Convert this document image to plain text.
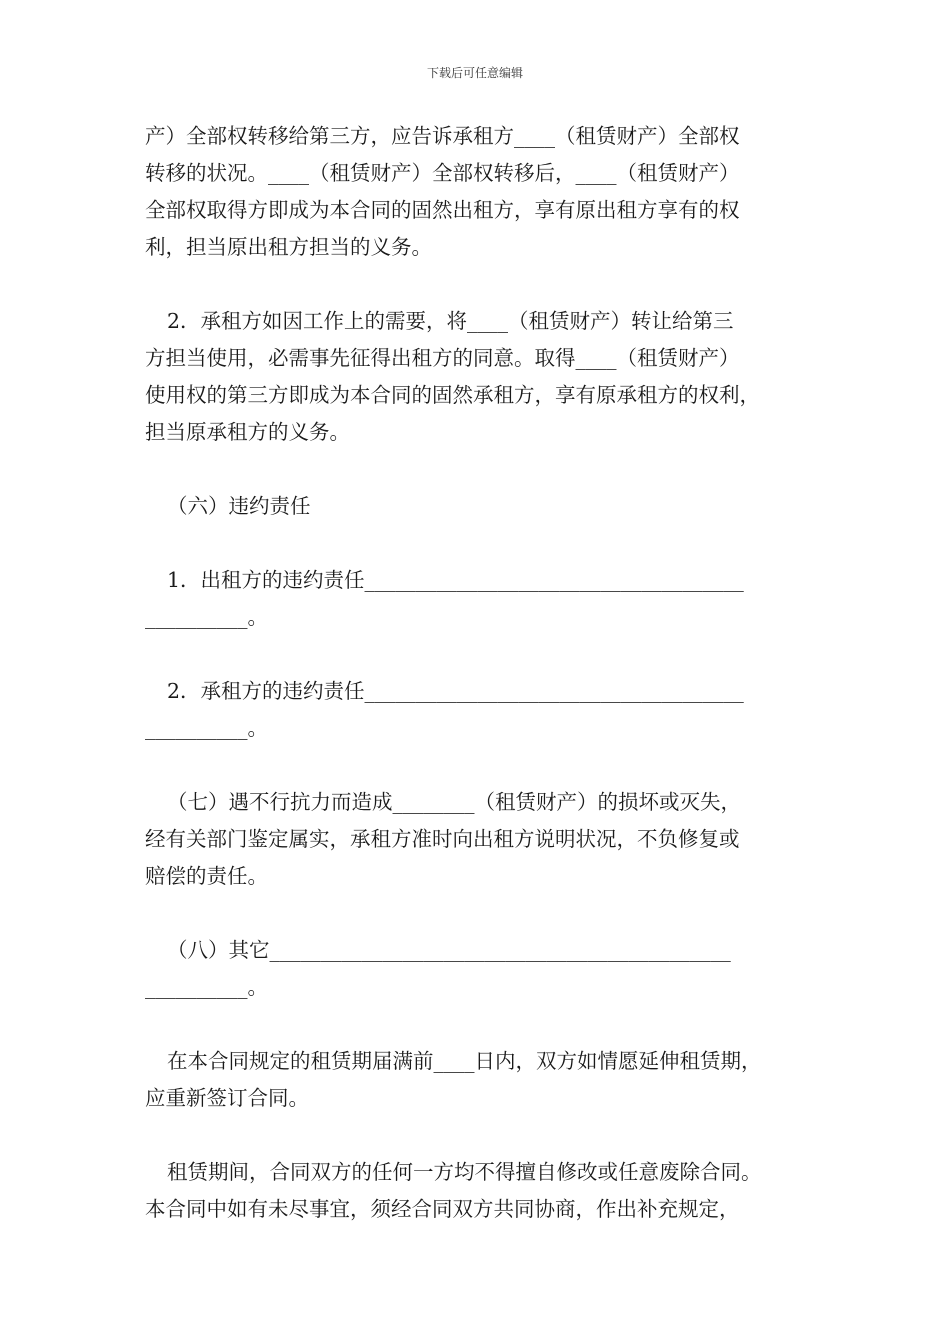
下载后可任意编辑
产）全部权转移给第三方，应告诉承租方____（租赁财产）全部权
转移的状况。____（租赁财产）全部权转移后，____（租赁财产）
全部权取得方即成为本合同的固然出租方，享有原出租方享有的权
利，担当原出租方担当的义务。
2．承租方如因工作上的需要，将____（租赁财产）转让给第三
方担当使用，必需事先征得出租方的同意。取得____（租赁财产）
使用权的第三方即成为本合同的固然承租方，享有原承租方的权利，
担当原承租方的义务。
（六）违约责任
1．出租方的违约责任_____________________________________
__________。
2．承租方的违约责任_____________________________________
__________。
（七）遇不行抗力而造成________（租赁财产）的损坏或灭失，
经有关部门鉴定属实，承租方准时向出租方说明状况，不负修复或
赔偿的责任。
（八）其它_____________________________________________
__________。
在本合同规定的租赁期届满前____日内，双方如情愿延伸租赁期，
应重新签订合同。
租赁期间，合同双方的任何一方均不得擅自修改或任意废除合同。
本合同中如有未尽事宜，须经合同双方共同协商，作出补充规定，
